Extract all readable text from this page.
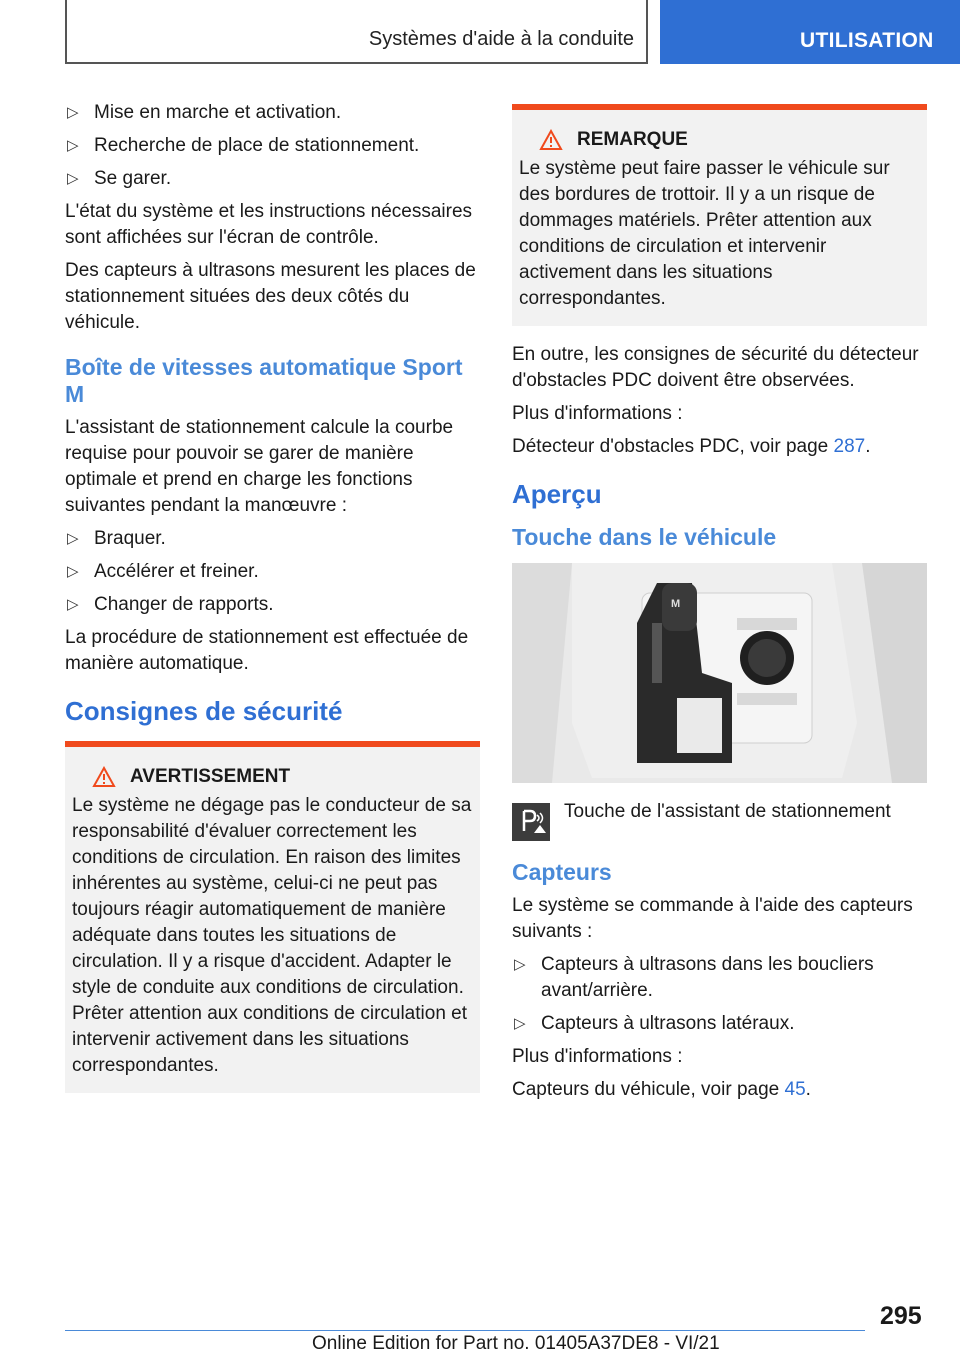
Systèmes d'aide à la conduite	UTILISATION
▷ Mise en marche et activation.
▷ Recherche de place de stationnement.
▷ Se garer.

L'état du système et les instructions nécessaires sont affichées sur l'écran de contrôle.

Des capteurs à ultrasons mesurent les places de stationnement situées des deux côtés du véhicule.

Boîte de vitesses automatique Sport M

L'assistant de stationnement calcule la courbe requise pour pouvoir se garer de manière optimale et prend en charge les fonctions suivantes pendant la manœuvre :

▷ Braquer.
▷ Accélérer et freiner.
▷ Changer de rapports.

La procédure de stationnement est effectuée de manière automatique.

Consignes de sécurité
AVERTISSEMENT

Le système ne dégage pas le conducteur de sa responsabilité d'évaluer correctement les conditions de circulation. En raison des limites inhérentes au système, celui-ci ne peut pas toujours réagir automatiquement de manière adéquate dans toutes les situations de circulation. Il y a risque d'accident. Adapter le style de conduite aux conditions de circulation. Prêter attention aux conditions de circulation et intervenir activement dans les situations correspondantes.

REMARQUE

Le système peut faire passer le véhicule sur des bordures de trottoir. Il y a un risque de dommages matériels. Prêter attention aux conditions de circulation et intervenir activement dans les situations correspondantes.

En outre, les consignes de sécurité du détecteur d'obstacles PDC doivent être observées.

Plus d'informations :

Détecteur d'obstacles PDC, voir page 287.

Aperçu
Touche dans le véhicule
M
Touche de l'assistant de stationnement
Capteurs

Le système se commande à l'aide des capteurs suivants :

▷ Capteurs à ultrasons dans les boucliers avant/arrière.
▷ Capteurs à ultrasons latéraux.

Plus d'informations :

Capteurs du véhicule, voir page 45.

295
Online Edition for Part no. 01405A37DE8 - VI/21
